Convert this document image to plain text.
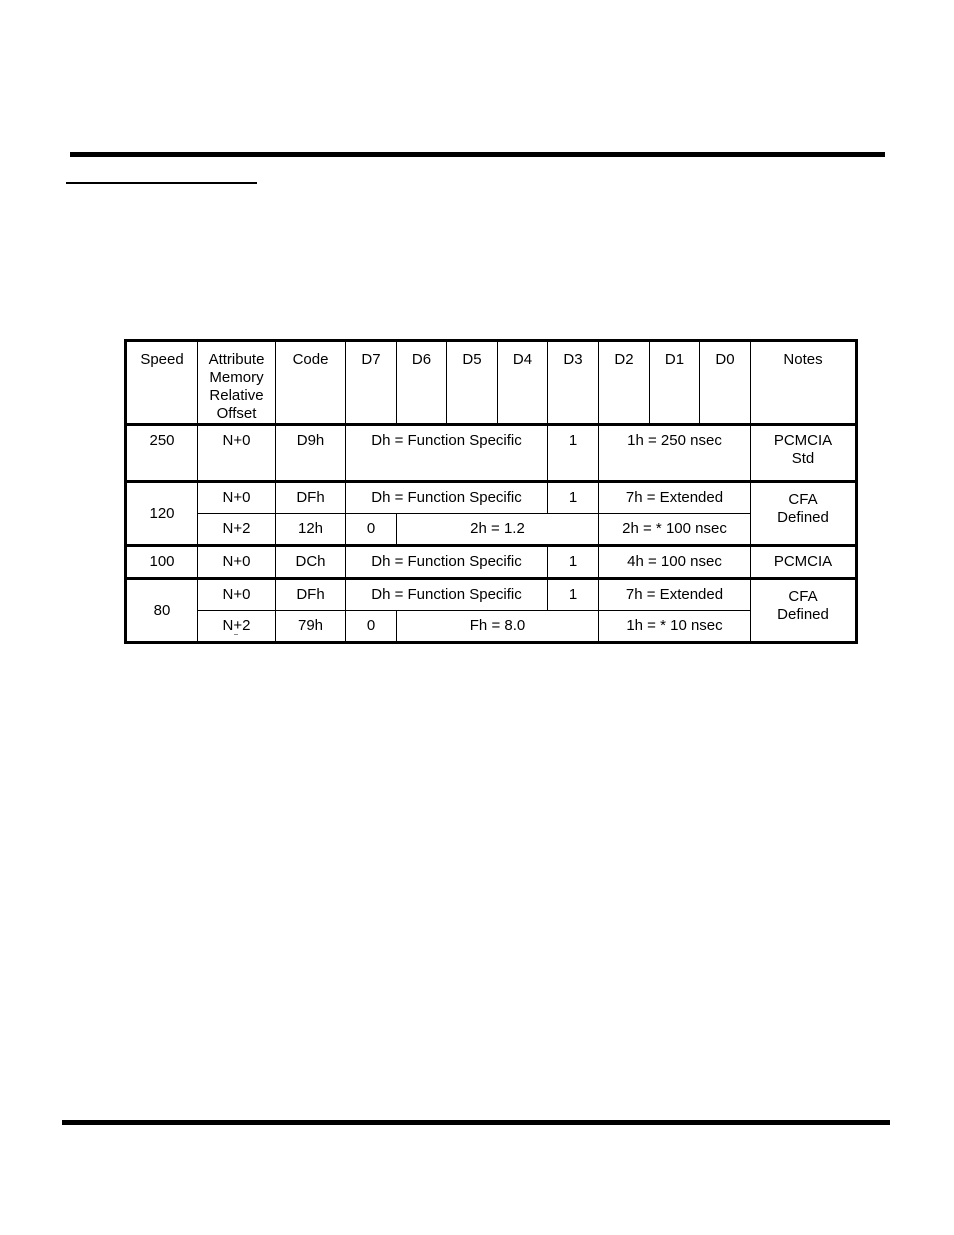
Speed	Attribute
Memory
Relative
Offset	Code	D7	D6	D5	D4	D3	D2	D1	D0	Notes
250	N+0	D9h	Dh = Function Specific				1	1h = 250 nsec			PCMCIA
Std

120	N+0	DFh	Dh = Function Specific				1	7h = Extended			CFA
Defined

	N+2	12h	0	2h = 1.2				2h = * 100 nsec			
100	N+0	DCh	Dh = Function Specific				1	4h = 100 nsec			PCMCIA
80	N+0	DFh	Dh = Function Specific				1	7h = Extended			CFA
Defined

	N+2	79h	0	Fh = 8.0				1h = * 10 nsec			
